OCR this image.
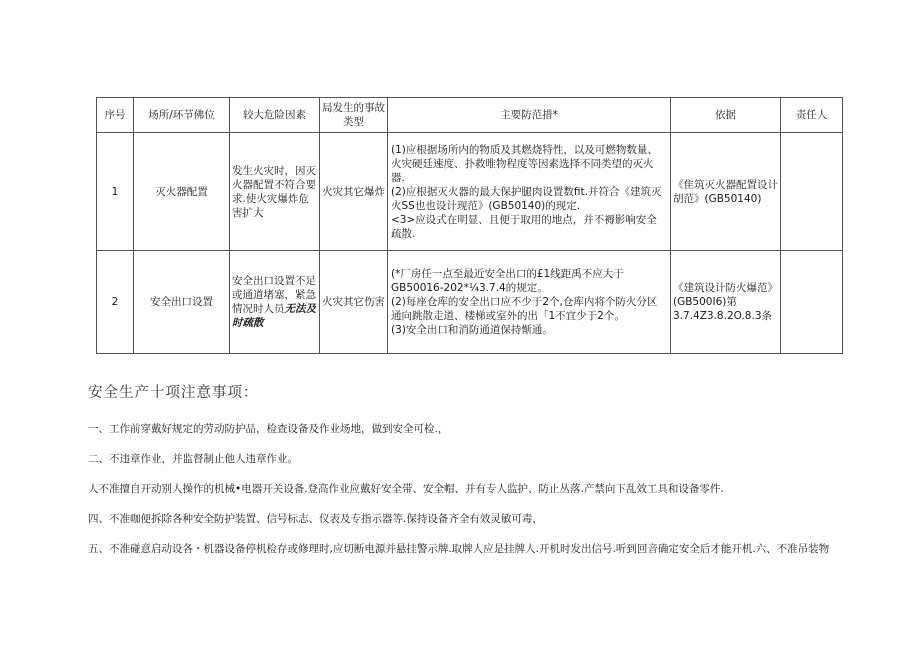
序号	场所/环节佛位	较大危险因素	局发生的事故类型	主要防范措*	依据	责任人
1	灭火器配置	发生火灾时，因灭火器配置不符合要求.使火灾爆炸危害扩大	火灾其它爆炸	(1)应根据场所内的物质及其燃烧特性，以及可燃物数量、火灾硬廷速度、扑救唯物程度等因素选择不同类望的灭火器.

(2)应根据灭火器的最大保护腿肉设置数fit.并符合《建筑灭火SS也也设计现范》(GB50140)的现定.

<3>应设式在明显、且便于取用的地点，并不褥影响安全疏散.	《隹筑灭火器配置设计胡范》(GB50140)	
2	安全出口设置	安全出口设置不足或通道堵塞，紧急情况时人员无法及时疏散	火灾其它伤害	(*厂房任一点至最近安全出口的£1线距禹不应大于GB50016-202*¼3.7.4的规定。

(2)每座仓库的安全出口应不少于2个,仓库内将个防火分区通向跳散走道、楼梯或室外的出「1不宜少于2个。

(3)安全出口和消防通道保持惭通。	《建筑设计防火爆范》(GB500I6)第3.7.4Z3.8.2O.8.3条	
安全生产十项注意事项：
一、工作前穿戴好规定的劳动防护品，检查设备及作业场地，做到安全可检.，
二、不违章作业，并监督制止他人违章作业。
人不准擅自开动别人操作的机械•电器开关设备.登高作业应戴好安全带、安全帽、并有专人监护、防止丛落.产禁向下乱效工具和设备零件.
四、不准咖便拆除各种安全防护装置、信号标志、仪表及专指示器等.保持设备齐全有效灵敏可毒，
五、不准碰意启动设各・机器设备停机检存或修理时,应切断电源并悬挂警示牌.取牌人应是挂牌人.开机时发出信号.听到回音确定安全后才能开机.六、不准吊装物
